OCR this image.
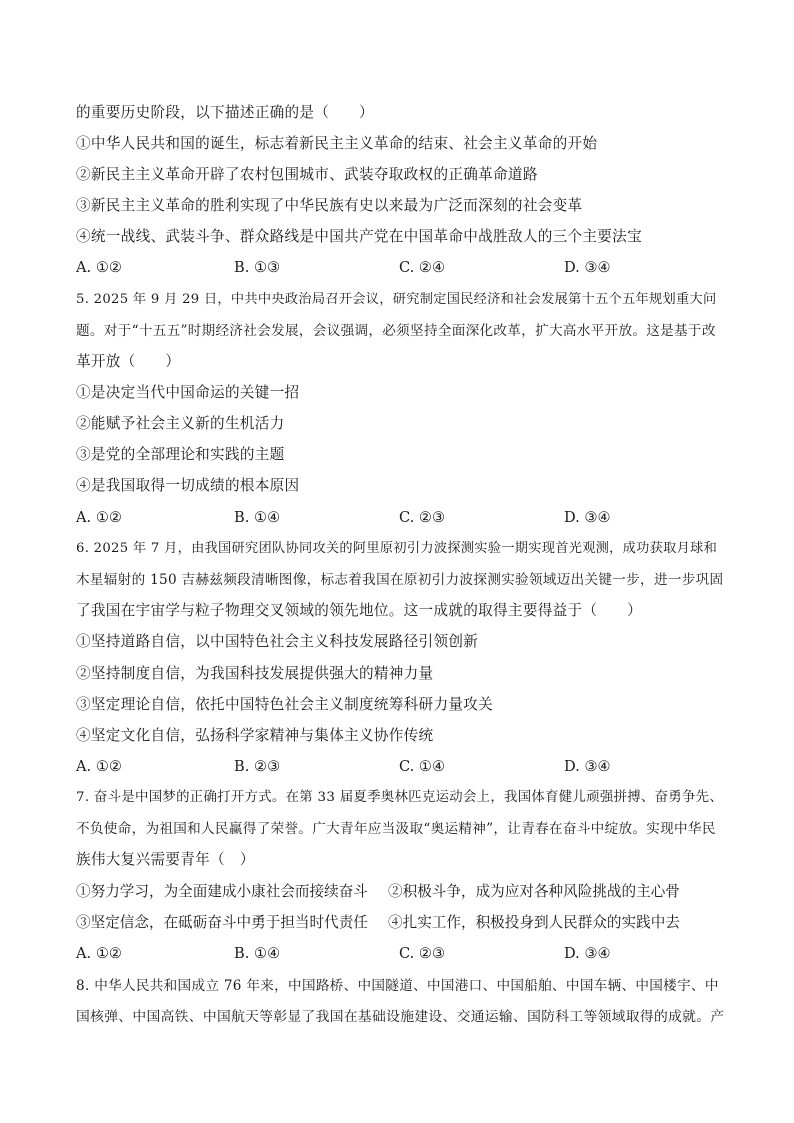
的重要历史阶段，以下描述正确的是（　　）
①中华人民共和国的诞生，标志着新民主主义革命的结束、社会主义革命的开始
②新民主主义革命开辟了农村包围城市、武装夺取政权的正确革命道路
③新民主主义革命的胜利实现了中华民族有史以来最为广泛而深刻的社会变革
④统一战线、武装斗争、群众路线是中国共产党在中国革命中战胜敌人的三个主要法宝
A. ①②	B. ①③	C. ②④	D. ③④
5. 2025 年 9 月 29 日，中共中央政治局召开会议，研究制定国民经济和社会发展第十五个五年规划重大问
题。对于“十五五”时期经济社会发展，会议强调，必须坚持全面深化改革，扩大高水平开放。这是基于改
革开放（　　）
①是决定当代中国命运的关键一招
②能赋予社会主义新的生机活力
③是党的全部理论和实践的主题
④是我国取得一切成绩的根本原因
A. ①②	B. ①④	C. ②③	D. ③④
6. 2025 年 7 月，由我国研究团队协同攻关的阿里原初引力波探测实验一期实现首光观测，成功获取月球和
木星辐射的 150 吉赫兹频段清晰图像，标志着我国在原初引力波探测实验领域迈出关键一步，进一步巩固
了我国在宇宙学与粒子物理交叉领域的领先地位。这一成就的取得主要得益于（　　）
①坚持道路自信，以中国特色社会主义科技发展路径引领创新
②坚持制度自信，为我国科技发展提供强大的精神力量
③坚定理论自信，依托中国特色社会主义制度统筹科研力量攻关
④坚定文化自信，弘扬科学家精神与集体主义协作传统
A. ①②	B. ②③	C. ①④	D. ③④
7. 奋斗是中国梦的正确打开方式。在第 33 届夏季奥林匹克运动会上，我国体育健儿顽强拼搏、奋勇争先、
不负使命，为祖国和人民赢得了荣誉。广大青年应当汲取“奥运精神”，让青春在奋斗中绽放。实现中华民
族伟大复兴需要青年（　）
①努力学习，为全面建成小康社会而接续奋斗 ②积极斗争，成为应对各种风险挑战的主心骨
③坚定信念，在砥砺奋斗中勇于担当时代责任 ④扎实工作，积极投身到人民群众的实践中去
A. ①②	B. ①④	C. ②③	D. ③④
8. 中华人民共和国成立 76 年来，中国路桥、中国隧道、中国港口、中国船舶、中国车辆、中国楼宇、中
国核弹、中国高铁、中国航天等彰显了我国在基础设施建设、交通运输、国防科工等领域取得的成就。产
